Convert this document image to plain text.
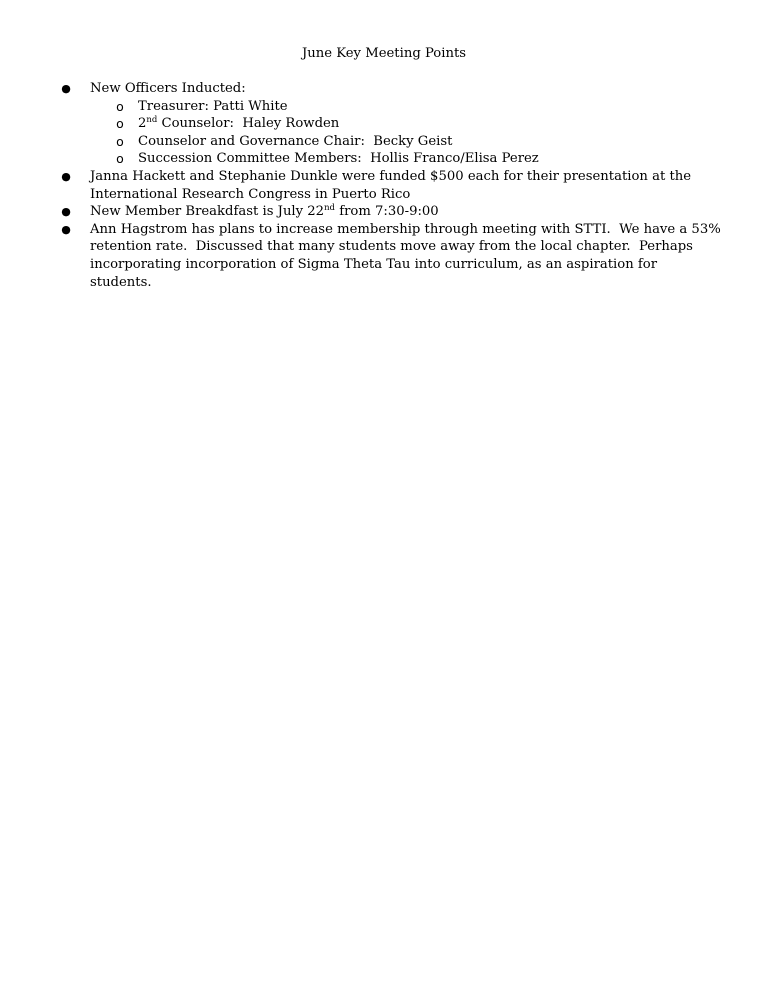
June Key Meeting Points
● New Officers Inducted:
o Treasurer: Patti White
o 2nd Counselor:  Haley Rowden
o Counselor and Governance Chair:  Becky Geist
o Succession Committee Members:  Hollis Franco/Elisa Perez
● Janna Hackett and Stephanie Dunkle were funded $500 each for their presentation at the
International Research Congress in Puerto Rico
● New Member Breakdfast is July 22nd from 7:30-9:00
● Ann Hagstrom has plans to increase membership through meeting with STTI.  We have a 53%
retention rate.  Discussed that many students move away from the local chapter.  Perhaps
incorporating incorporation of Sigma Theta Tau into curriculum, as an aspiration for students.
